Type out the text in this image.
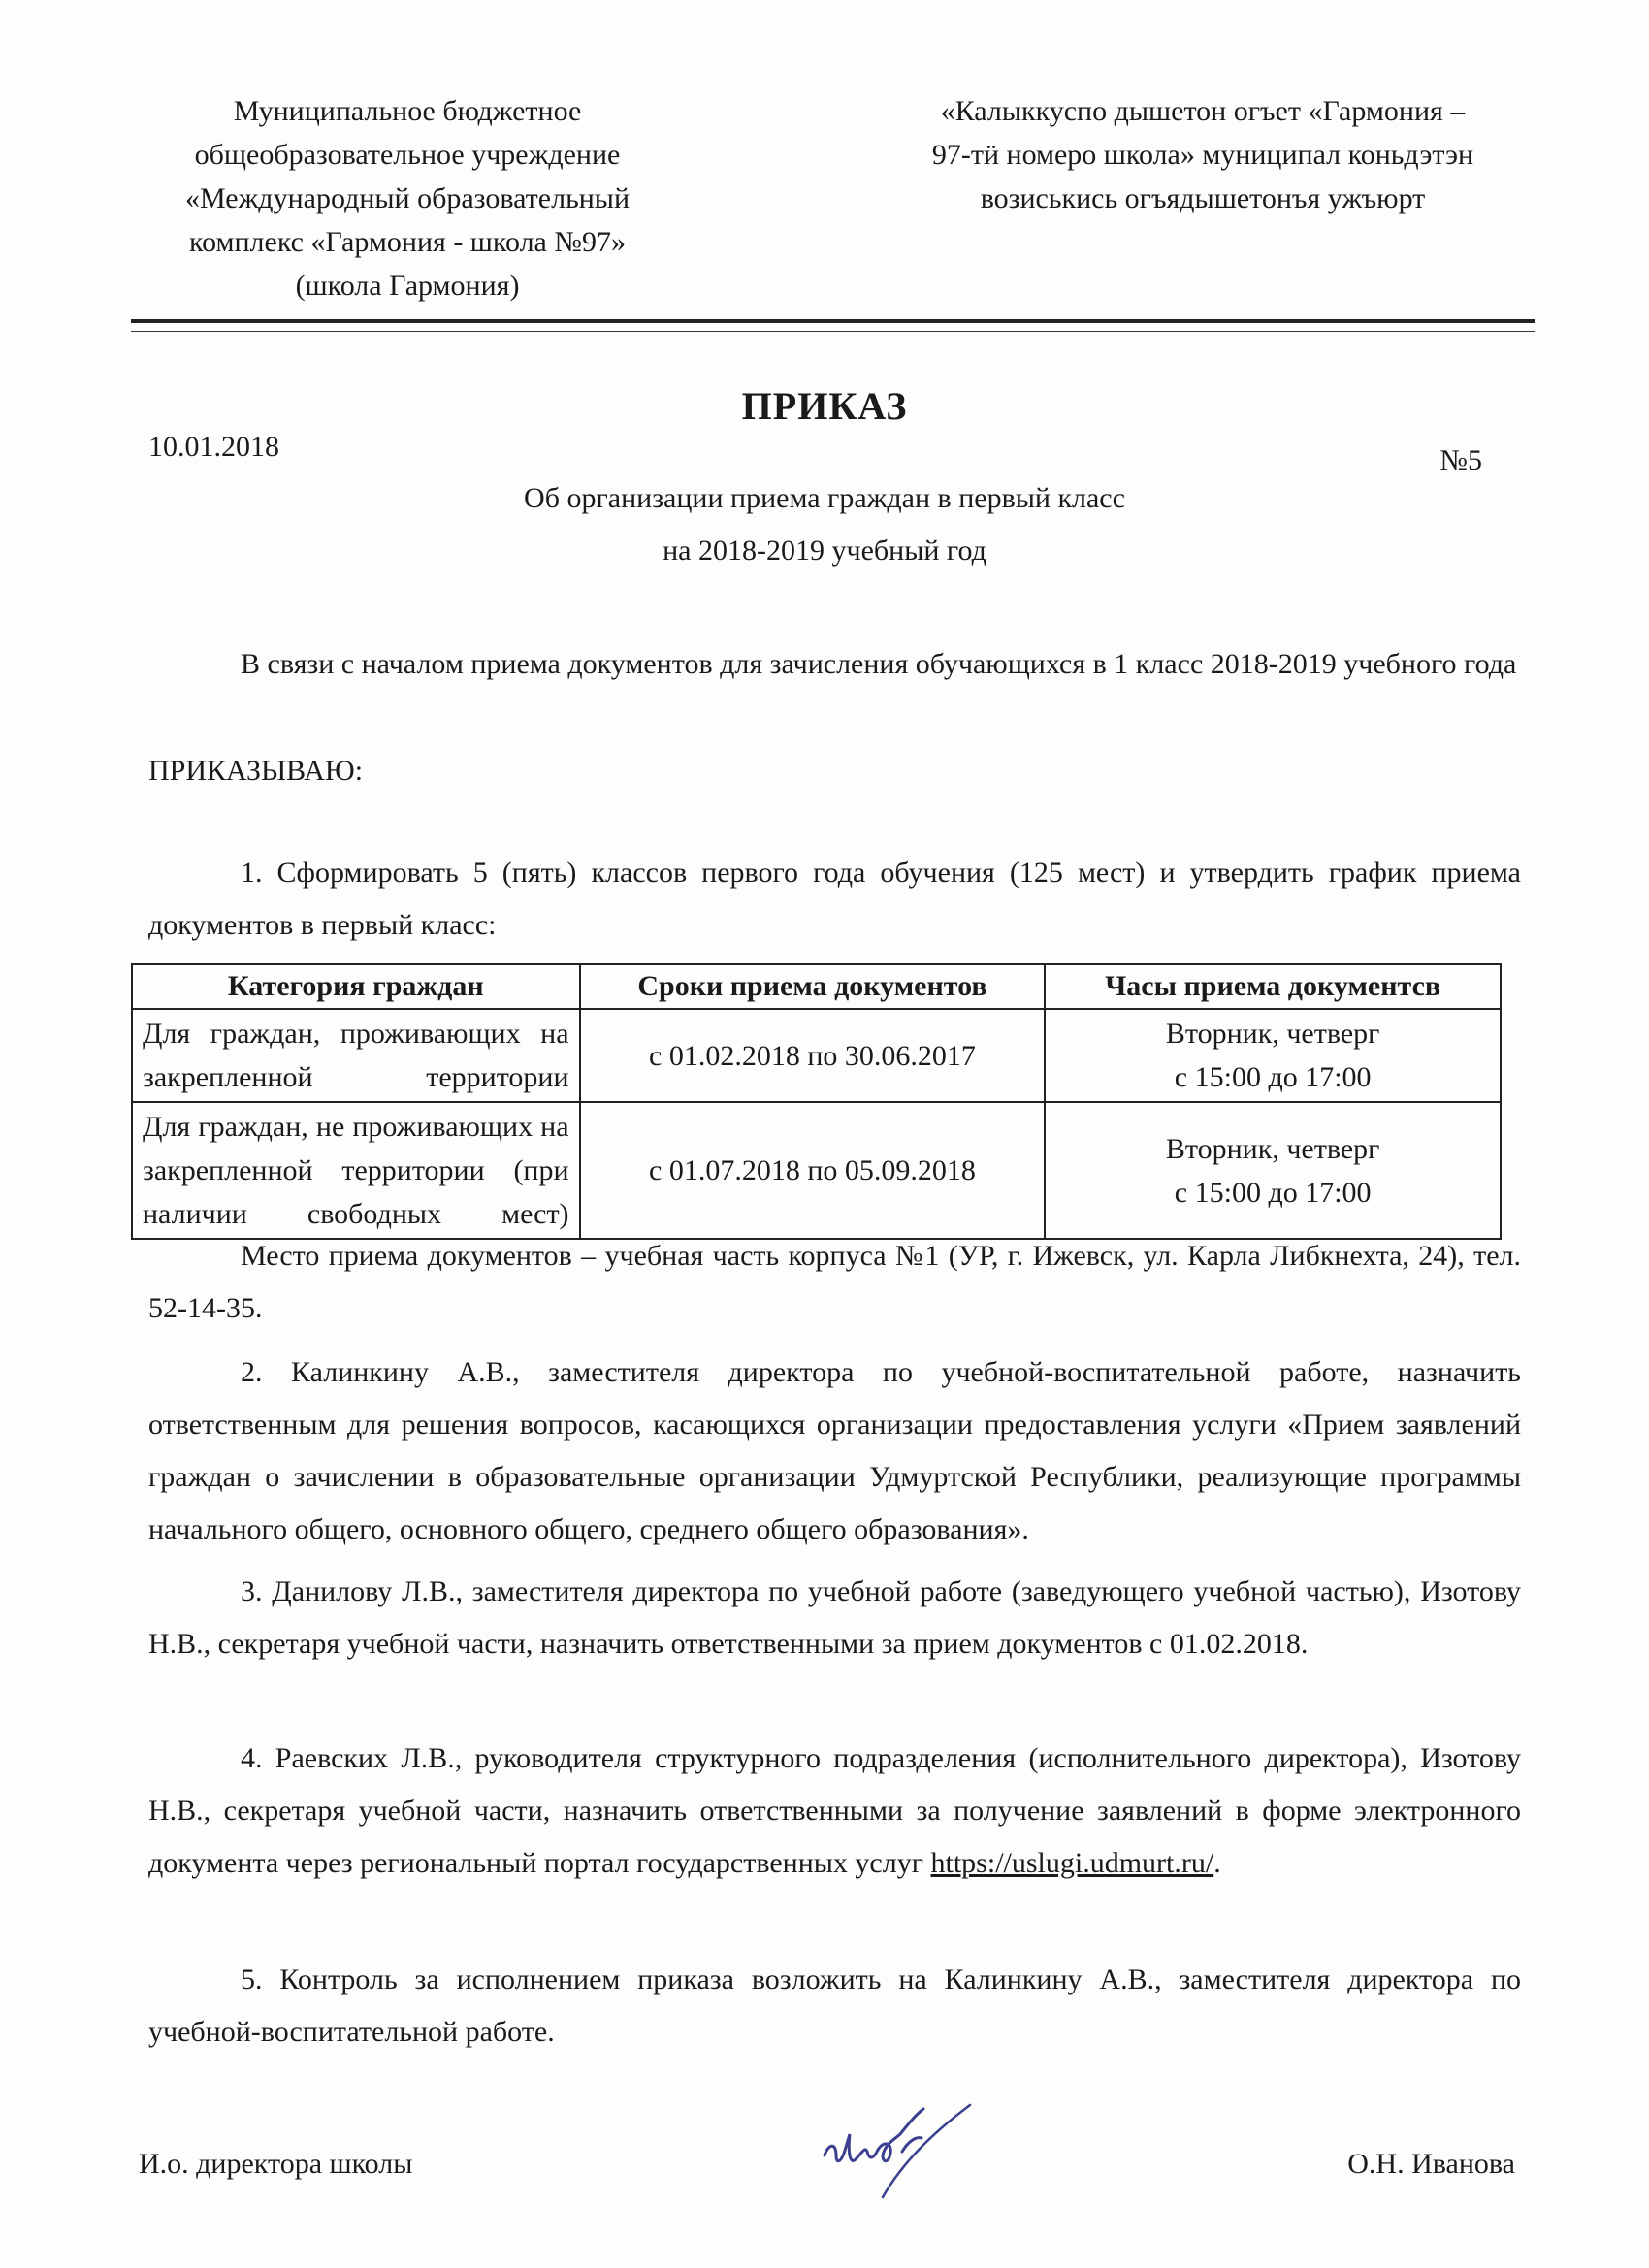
Муниципальное бюджетное
общеобразовательное учреждение
«Международный образовательный
комплекс «Гармония - школа №97»
(школа Гармония)
«Калыккуспо дышетон огъет «Гармония –
97-тӥ номеро школа» муниципал коньдэтэн
возиськись огъядышетонъя ужъюрт
ПРИКАЗ
10.01.2018	№5
Об организации приема граждан в первый класс
на 2018-2019 учебный год

В связи с началом приема документов для зачисления обучающихся в 1 класс 2018-2019 учебного года

ПРИКАЗЫВАЮ:

1. Сформировать 5 (пять) классов первого года обучения (125 мест) и утвердить график приема документов в первый класс:

Категория граждан	Сроки приема документов	Часы приема документсв

Для граждан, проживающих на закрепленной территории	с 01.02.2018 по 30.06.2017	Вторник, четверг
с 15:00 до 17:00

Для граждан, не проживающих на закрепленной территории (при наличии свободных мест)	с 01.07.2018 по 05.09.2018	Вторник, четверг
с 15:00 до 17:00

Место приема документов – учебная часть корпуса №1 (УР, г. Ижевск, ул. Карла Либкнехта, 24), тел. 52-14-35.

2. Калинкину А.В., заместителя директора по учебной-воспитательной работе, назначить ответственным для решения вопросов, касающихся организации предоставления услуги «Прием заявлений граждан о зачислении в образовательные организации Удмуртской Республики, реализующие программы начального общего, основного общего, среднего общего образования».

3. Данилову Л.В., заместителя директора по учебной работе (заведующего учебной частью), Изотову Н.В., секретаря учебной части, назначить ответственными за прием документов с 01.02.2018.

4. Раевских Л.В., руководителя структурного подразделения (исполнительного директора), Изотову Н.В., секретаря учебной части, назначить ответственными за получение заявлений в форме электронного документа через региональный портал государственных услуг https://uslugi.udmurt.ru/.

5. Контроль за исполнением приказа возложить на Калинкину А.В., заместителя директора по учебной-воспитательной работе.

И.о. директора школы	О.Н. Иванова
